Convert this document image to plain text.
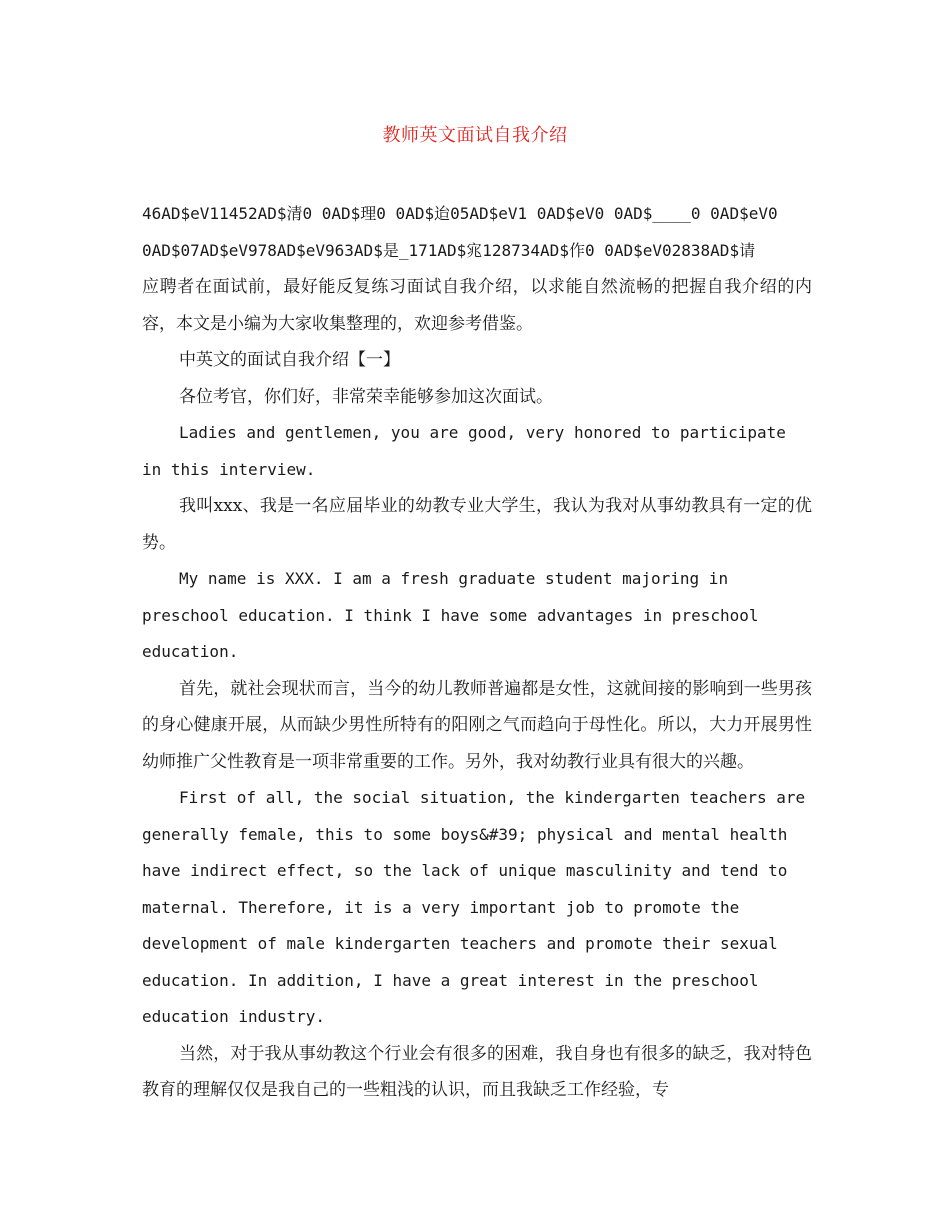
教师英文面试自我介绍

46AD$eV11452AD$清0 0AD$理0 0AD$迨05AD$eV1 0AD$eV0 0AD$____0 0AD$eV0 0AD$07AD$eV978AD$eV963AD$是_171AD$宨128734AD$作0 0AD$eV02838AD$请

应聘者在面试前，最好能反复练习面试自我介绍，以求能自然流畅的把握自我介绍的内容，本文是小编为大家收集整理的，欢迎参考借鉴。

中英文的面试自我介绍【一】

各位考官，你们好，非常荣幸能够参加这次面试。

Ladies and gentlemen, you are good, very honored to participate in this interview.

我叫xxx、我是一名应届毕业的幼教专业大学生，我认为我对从事幼教具有一定的优势。

My name is XXX. I am a fresh graduate student majoring in preschool education. I think I have some advantages in preschool education.

首先，就社会现状而言，当今的幼儿教师普遍都是女性，这就间接的影响到一些男孩的身心健康开展，从而缺少男性所特有的阳刚之气而趋向于母性化。所以，大力开展男性幼师推广父性教育是一项非常重要的工作。另外，我对幼教行业具有很大的兴趣。

First of all, the social situation, the kindergarten teachers are generally female, this to some boys&#39; physical and mental health have indirect effect, so the lack of unique masculinity and tend to maternal. Therefore, it is a very important job to promote the development of male kindergarten teachers and promote their sexual education. In addition, I have a great interest in the preschool education industry.

当然，对于我从事幼教这个行业会有很多的困难，我自身也有很多的缺乏，我对特色教育的理解仅仅是我自己的一些粗浅的认识，而且我缺乏工作经验，专
